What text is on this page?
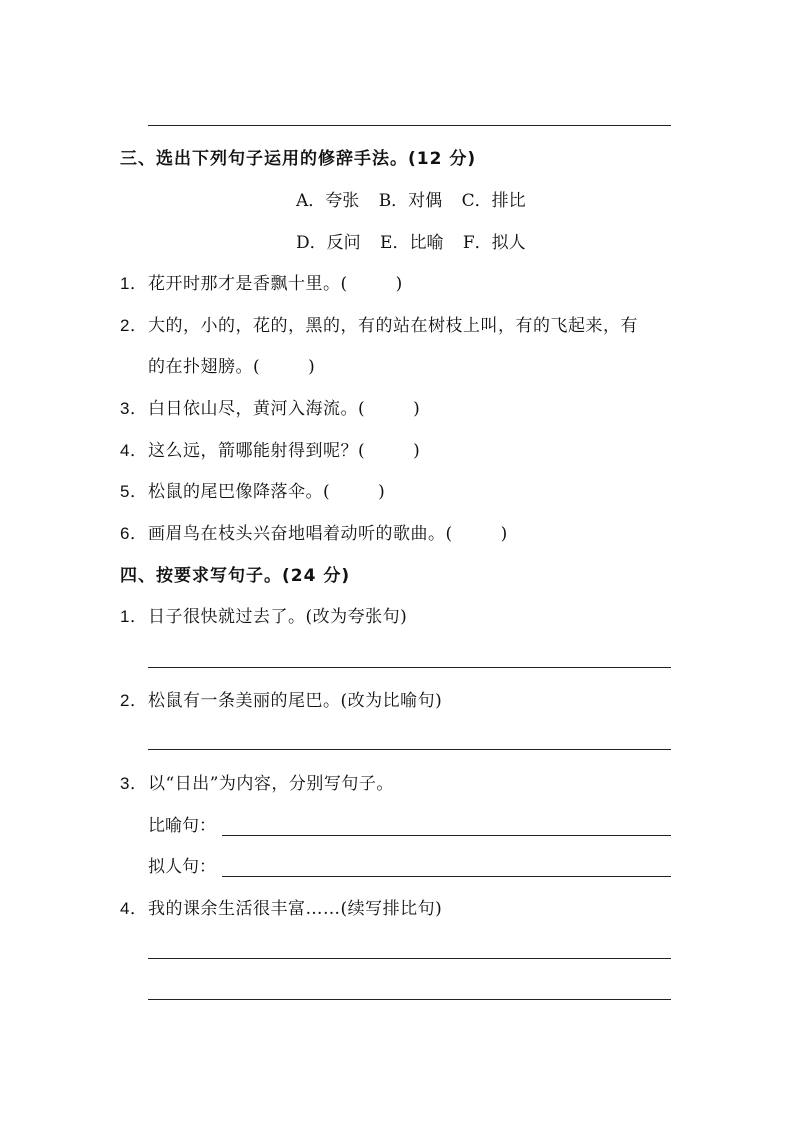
三、选出下列句子运用的修辞手法。(12 分)
A．夸张 B．对偶 C．排比
D．反问 E．比喻 F．拟人
1．花开时那才是香飘十里。(	)
2．大的，小的，花的，黑的，有的站在树枝上叫，有的飞起来，有
的在扑翅膀。(	)
3．白日依山尽，黄河入海流。(	)
4．这么远，箭哪能射得到呢？(	)
5．松鼠的尾巴像降落伞。(	)
6．画眉鸟在枝头兴奋地唱着动听的歌曲。(	)
四、按要求写句子。(24 分)
1．日子很快就过去了。(改为夸张句)
2．松鼠有一条美丽的尾巴。(改为比喻句)
3．以“日出”为内容，分别写句子。
比喻句：
拟人句：
4．我的课余生活很丰富……(续写排比句)
